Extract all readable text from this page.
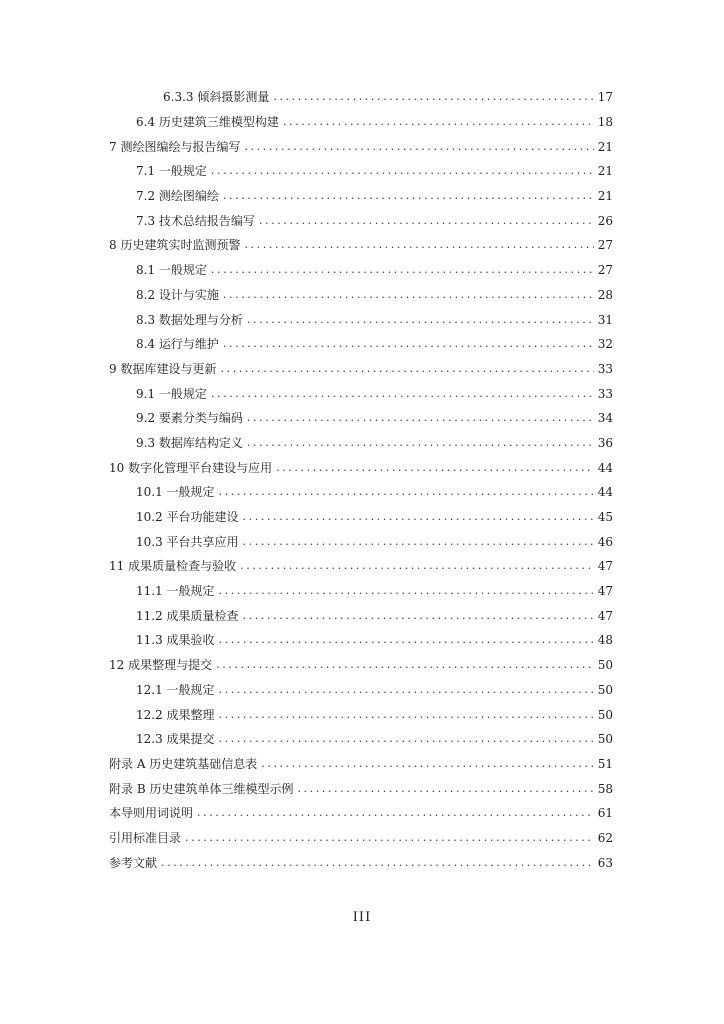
6.3.3 倾斜摄影测量 .....	17
6.4 历史建筑三维模型构建 .....	18
7 测绘图编绘与报告编写 .....	21
7.1 一般规定 .....	21
7.2 测绘图编绘 .....	21
7.3 技术总结报告编写 .....	26
8 历史建筑实时监测预警 .....	27
8.1 一般规定 .....	27
8.2 设计与实施 .....	28
8.3 数据处理与分析 .....	31
8.4 运行与维护 .....	32
9 数据库建设与更新 .....	33
9.1 一般规定 .....	33
9.2 要素分类与编码 .....	34
9.3 数据库结构定义 .....	36
10 数字化管理平台建设与应用 .....	44
10.1 一般规定 .....	44
10.2 平台功能建设 .....	45
10.3 平台共享应用 .....	46
11 成果质量检查与验收 .....	47
11.1 一般规定 .....	47
11.2 成果质量检查 .....	47
11.3 成果验收 .....	48
12 成果整理与提交 .....	50
12.1 一般规定 .....	50
12.2 成果整理 .....	50
12.3 成果提交 .....	50
附录 A 历史建筑基础信息表 .....	51
附录 B 历史建筑单体三维模型示例 .....	58
本导则用词说明 .....	61
引用标准目录 .....	62
参考文献 .....	63
III
